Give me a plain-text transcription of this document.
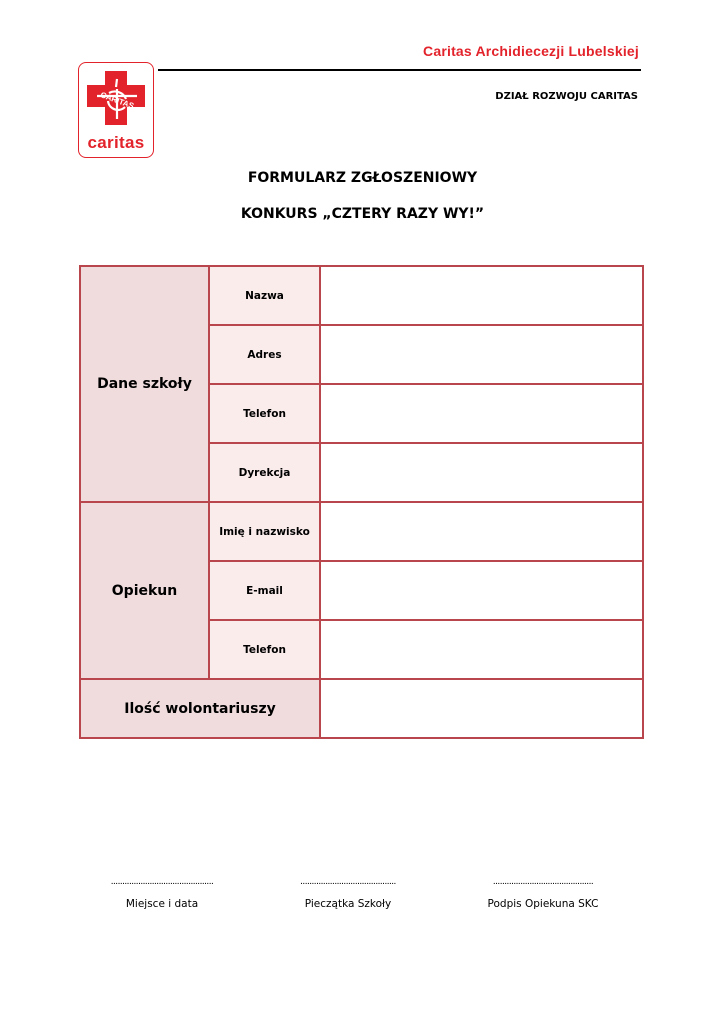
Caritas Archidiecezji Lubelskiej
DZIAŁ ROZWOJU CARITAS
CARITAS
caritas
FORMULARZ ZGŁOSZENIOWY
KONKURS „CZTERY RAZY WY!”
Dane szkoły	Nazwa	
	Adres	
	Telefon	
	Dyrekcja	
Opiekun	Imię i nazwisko	
	E-mail	
	Telefon	
Ilość wolontariuszy		
.............................................
Miejsce i data
..........................................
Pieczątka Szkoły
............................................
Podpis Opiekuna SKC
